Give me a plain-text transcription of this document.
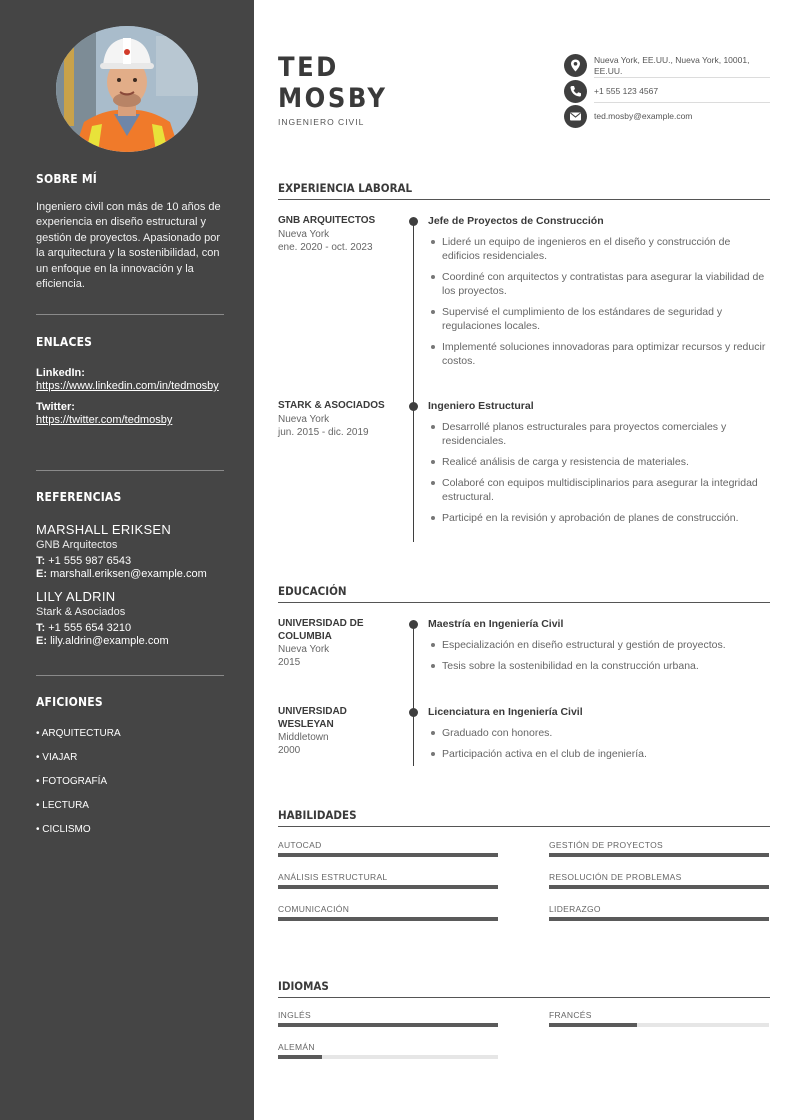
SOBRE MÍ
Ingeniero civil con más de 10 años de experiencia en diseño estructural y gestión de proyectos. Apasionado por la arquitectura y la sostenibilidad, con un enfoque en la innovación y la eficiencia.
ENLACES
LinkedIn:
https://www.linkedin.com/in/tedmosby
Twitter:
https://twitter.com/tedmosby
REFERENCIAS
MARSHALL ERIKSEN
GNB Arquitectos
T: +1 555 987 6543
E: marshall.eriksen@example.com
LILY ALDRIN
Stark & Asociados
T: +1 555 654 3210
E: lily.aldrin@example.com
AFICIONES
• ARQUITECTURA
• VIAJAR
• FOTOGRAFÍA
• LECTURA
• CICLISMO
TED
MOSBY
INGENIERO CIVIL
Nueva York, EE.UU., Nueva York, 10001, EE.UU.
+1 555 123 4567
ted.mosby@example.com
EXPERIENCIA LABORAL
GNB ARQUITECTOS
Nueva York
ene. 2020 - oct. 2023
Jefe de Proyectos de Construcción
Lideré un equipo de ingenieros en el diseño y construcción de edificios residenciales.
Coordiné con arquitectos y contratistas para asegurar la viabilidad de los proyectos.
Supervisé el cumplimiento de los estándares de seguridad y regulaciones locales.
Implementé soluciones innovadoras para optimizar recursos y reducir costos.
STARK & ASOCIADOS
Nueva York
jun. 2015 - dic. 2019
Ingeniero Estructural
Desarrollé planos estructurales para proyectos comerciales y residenciales.
Realicé análisis de carga y resistencia de materiales.
Colaboré con equipos multidisciplinarios para asegurar la integridad estructural.
Participé en la revisión y aprobación de planes de construcción.
EDUCACIÓN
UNIVERSIDAD DE COLUMBIA
Nueva York
2015
Maestría en Ingeniería Civil
Especialización en diseño estructural y gestión de proyectos.
Tesis sobre la sostenibilidad en la construcción urbana.
UNIVERSIDAD WESLEYAN
Middletown
2000
Licenciatura en Ingeniería Civil
Graduado con honores.
Participación activa en el club de ingeniería.
HABILIDADES
AUTOCAD	GESTIÓN DE PROYECTOS
ANÁLISIS ESTRUCTURAL	RESOLUCIÓN DE PROBLEMAS
COMUNICACIÓN	LIDERAZGO
IDIOMAS
INGLÉS	FRANCÉS
ALEMÁN
